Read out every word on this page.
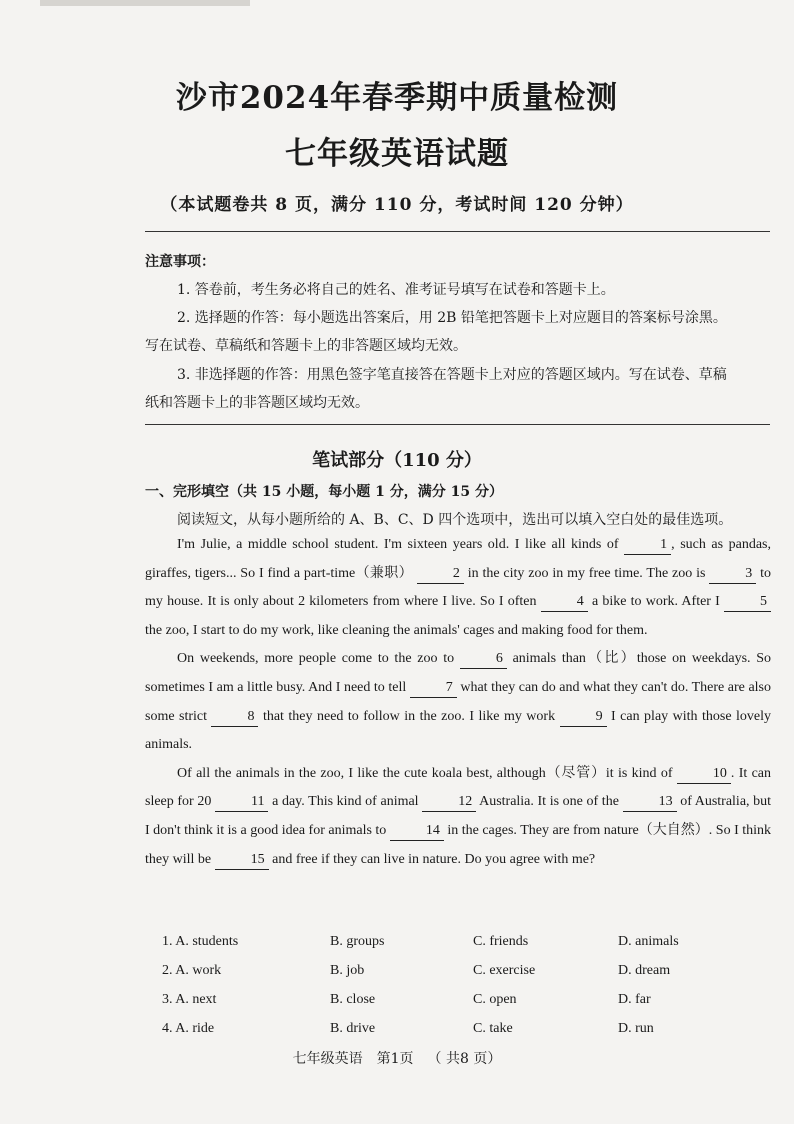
沙市2024年春季期中质量检测
七年级英语试题
（本试题卷共 8 页，满分 110 分，考试时间 120 分钟）
注意事项：
1. 答卷前，考生务必将自己的姓名、准考证号填写在试卷和答题卡上。
2. 选择题的作答：每小题选出答案后，用 2B 铅笔把答题卡上对应题目的答案标号涂黑。
写在试卷、草稿纸和答题卡上的非答题区域均无效。
3. 非选择题的作答：用黑色签字笔直接答在答题卡上对应的答题区域内。写在试卷、草稿
纸和答题卡上的非答题区域均无效。
笔试部分（110 分）
一、完形填空（共 15 小题，每小题 1 分，满分 15 分）
阅读短文，从每小题所给的 A、B、C、D 四个选项中，选出可以填入空白处的最佳选项。

I'm Julie, a middle school student. I'm sixteen years old. I like all kinds of	1 , such as pandas, giraffes, tigers... So I find a part-time（兼职）	2 in the city zoo in my free time. The zoo is	3 to my house. It is only about 2 kilometers from where I live. So I often	4 a bike to work. After I	5 the zoo, I start to do my work, like cleaning the animals' cages and making food for them.

On weekends, more people come to the zoo to	6 animals than（比）those on weekdays. So sometimes I am a little busy. And I need to tell	7 what they can do and what they can't do. There are also some strict	8 that they need to follow in the zoo. I like my work	9 I can play with those lovely animals.

Of all the animals in the zoo, I like the cute koala best, although（尽管）it is kind of	10 . It can sleep for 20	11 a day. This kind of animal	12 Australia. It is one of the	13 of Australia, but I don't think it is a good idea for animals to	14 in the cages. They are from nature（大自然）. So I think they will be	15 and free if they can live in nature. Do you agree with me?

1. A. students	B. groups	C. friends	D. animals
2. A. work	B. job	C. exercise	D. dream
3. A. next	B. close	C. open	D. far
4. A. ride	B. drive	C. take	D. run
七年级英语 第1页 （ 共8 页）
